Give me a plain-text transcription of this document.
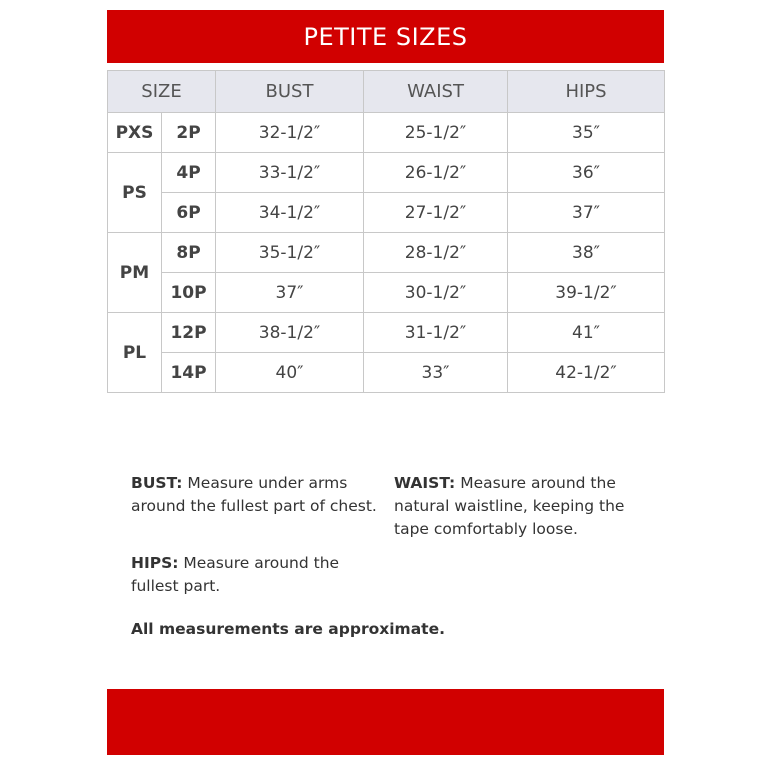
PETITE SIZES
SIZE		BUST	WAIST	HIPS
PXS	2P	32-1/2″	25-1/2″	35″
PS	4P	33-1/2″	26-1/2″	36″
	6P	34-1/2″	27-1/2″	37″
PM	8P	35-1/2″	28-1/2″	38″
	10P	37″	30-1/2″	39-1/2″
PL	12P	38-1/2″	31-1/2″	41″
	14P	40″	33″	42-1/2″
BUST: Measure under arms around the fullest part of chest.
WAIST: Measure around the natural waistline, keeping the tape comfortably loose.
HIPS: Measure around the fullest part.
All measurements are approximate.
